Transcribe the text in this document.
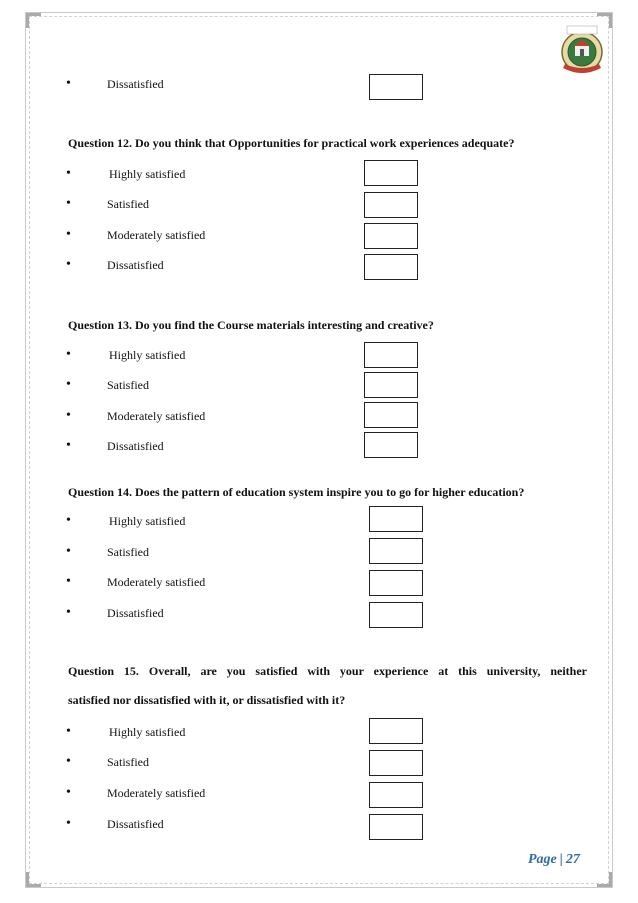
•	Dissatisfied
Question 12. Do you think that Opportunities for practical work experiences adequate?
•	Highly satisfied
•	Satisfied
•	Moderately satisfied
•	Dissatisfied
Question 13. Do you find the Course materials interesting and creative?
•	Highly satisfied
•	Satisfied
•	Moderately satisfied
•	Dissatisfied
Question 14. Does the pattern of education system inspire you to go for higher education?
•	Highly satisfied
•	Satisfied
•	Moderately satisfied
•	Dissatisfied
Question 15. Overall, are you satisfied with your experience at this university, neither
satisfied nor dissatisfied with it, or dissatisfied with it?
•	Highly satisfied
•	Satisfied
•	Moderately satisfied
•	Dissatisfied
Page | 27
